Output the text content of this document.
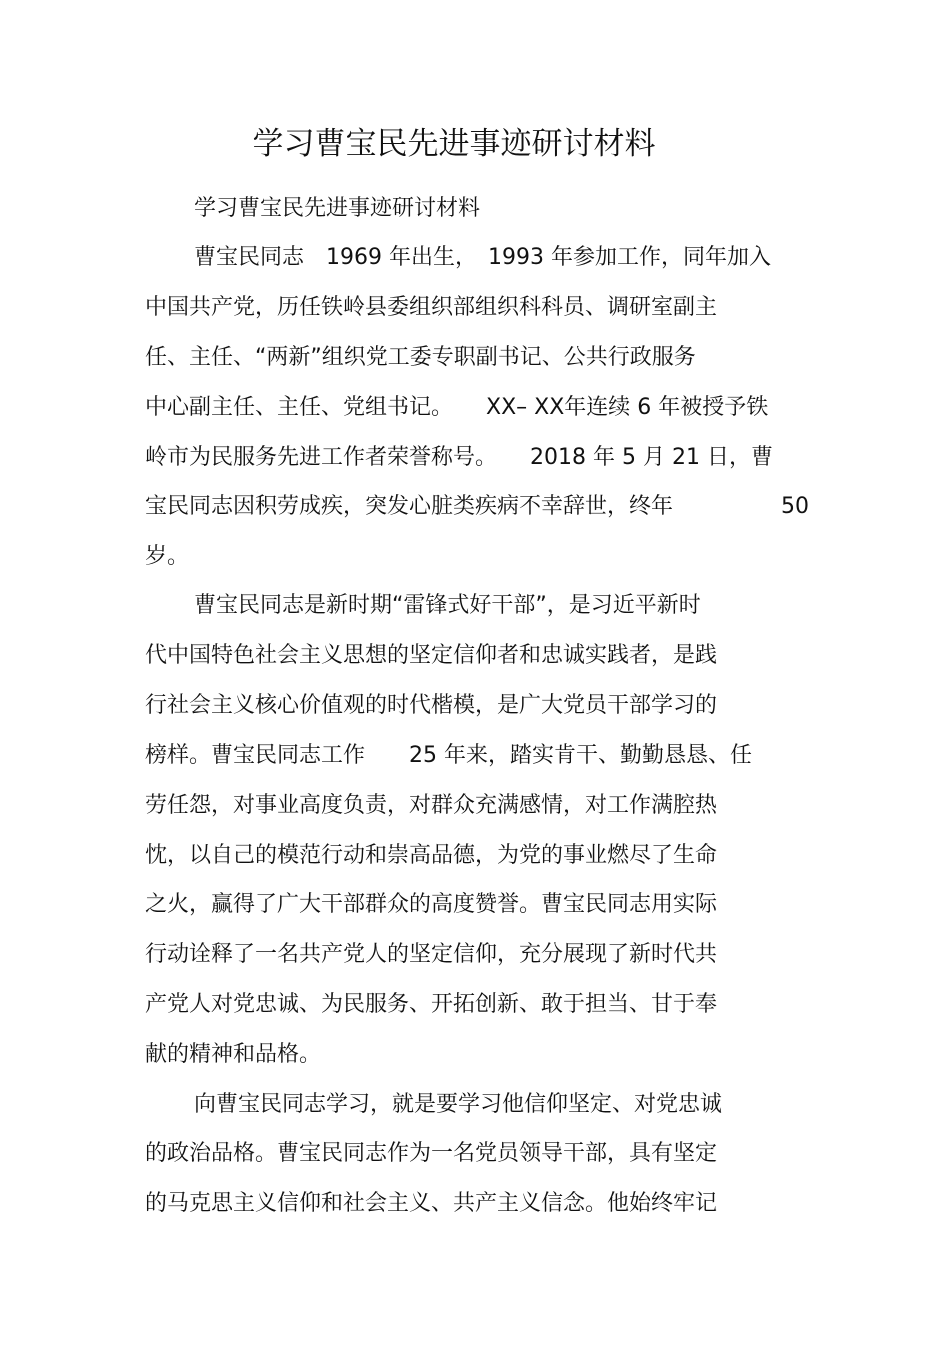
学习曹宝民先进事迹研讨材料
学习曹宝民先进事迹研讨材料
曹宝民同志　1969 年出生，　1993 年参加工作，同年加入
中国共产党，历任铁岭县委组织部组织科科员、调研室副主
任、主任、“两新”组织党工委专职副书记、公共行政服务
中心副主任、主任、党组书记。　　XX– XX年连续 6 年被授予铁
岭市为民服务先进工作者荣誉称号。　　2018 年 5 月 21 日，曹
宝民同志因积劳成疾，突发心脏类疾病不幸辞世，终年	50
岁。
曹宝民同志是新时期“雷锋式好干部”，是习近平新时
代中国特色社会主义思想的坚定信仰者和忠诚实践者，是践
行社会主义核心价值观的时代楷模，是广大党员干部学习的
榜样。曹宝民同志工作　　25 年来，踏实肯干、勤勤恳恳、任
劳任怨，对事业高度负责，对群众充满感情，对工作满腔热
忱，以自己的模范行动和崇高品德，为党的事业燃尽了生命
之火，赢得了广大干部群众的高度赞誉。曹宝民同志用实际
行动诠释了一名共产党人的坚定信仰，充分展现了新时代共
产党人对党忠诚、为民服务、开拓创新、敢于担当、甘于奉
献的精神和品格。
向曹宝民同志学习，就是要学习他信仰坚定、对党忠诚
的政治品格。曹宝民同志作为一名党员领导干部，具有坚定
的马克思主义信仰和社会主义、共产主义信念。他始终牢记
